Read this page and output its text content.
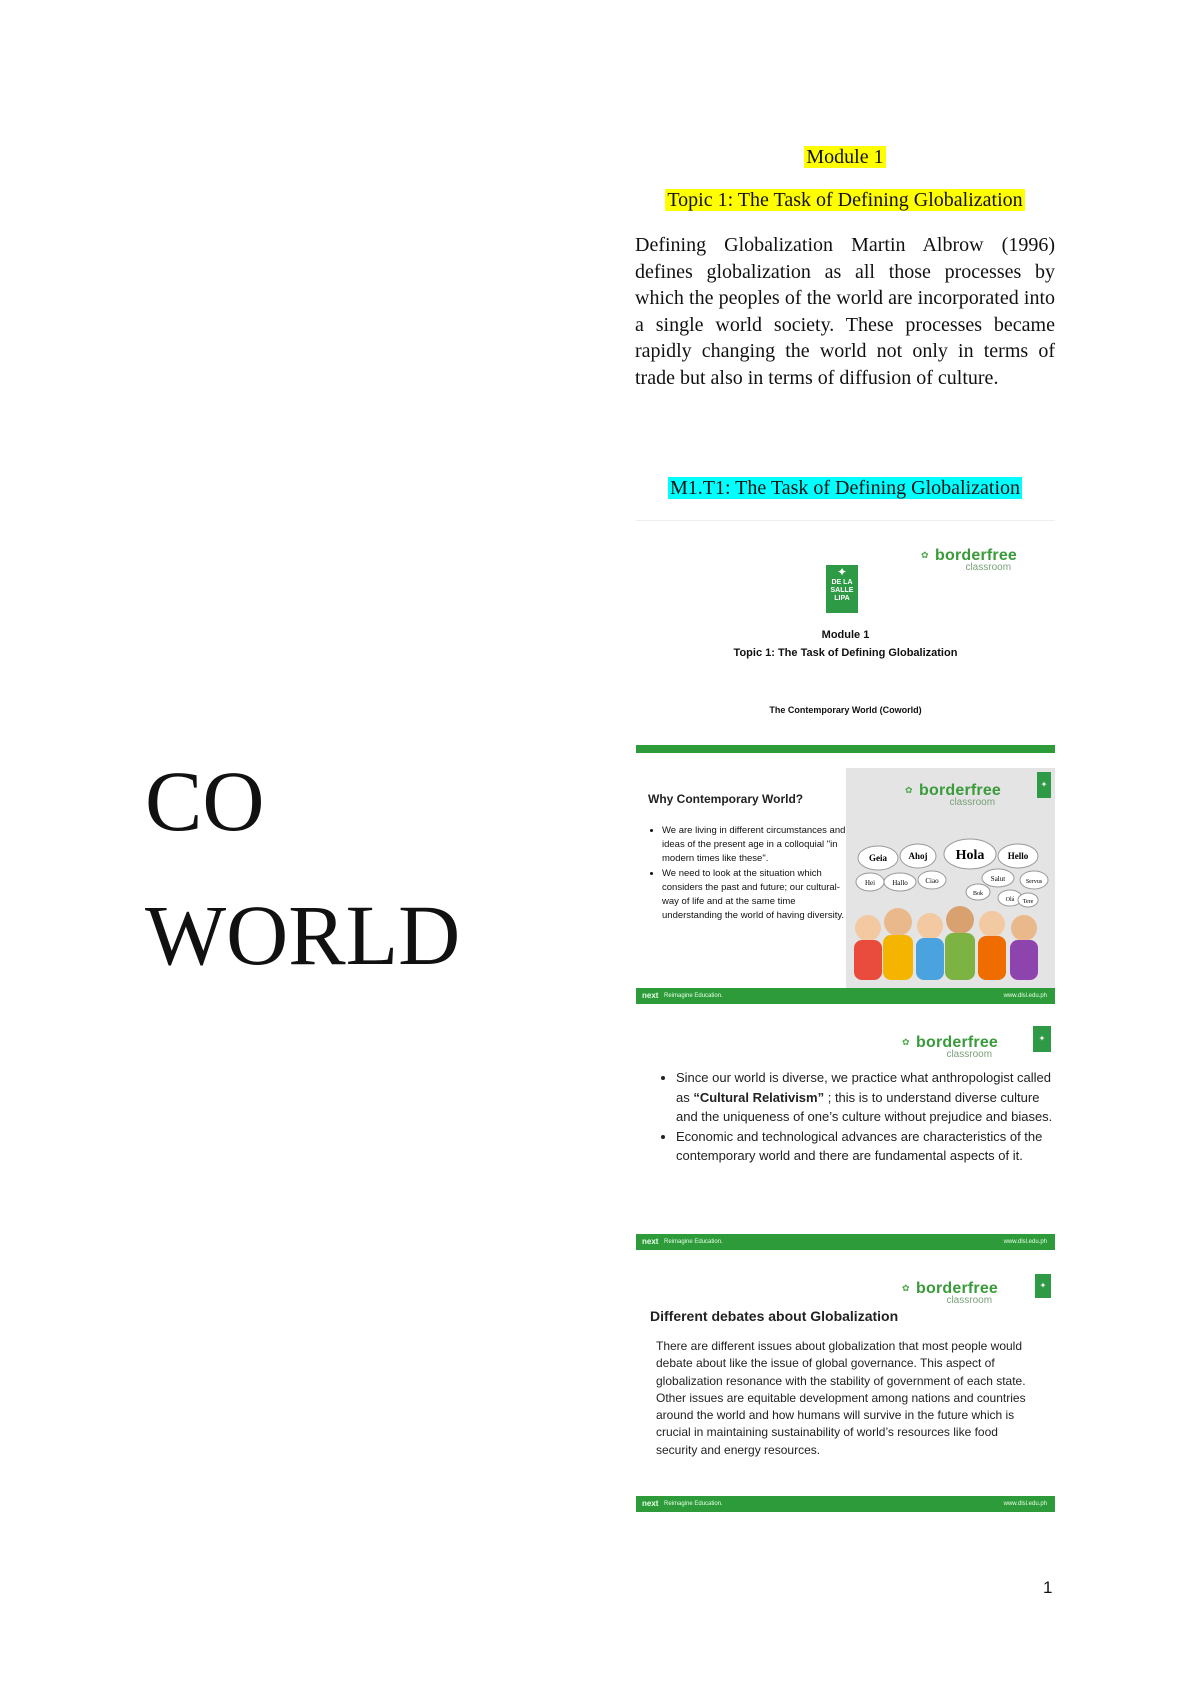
CO
WORLD
Module 1
Topic 1: The Task of Defining Globalization
Defining Globalization Martin Albrow (1996) defines globalization as all those processes by which the peoples of the world are incorporated into a single world society. These processes became rapidly changing the world not only in terms of trade but also in terms of diffusion of culture.
M1.T1: The Task of Defining Globalization
✿ borderfree
classroom
✦
DE LA SALLE LIPA
Module 1
Topic 1: The Task of Defining Globalization
The Contemporary World (Coworld)
✿ borderfree
classroom
✦
Why Contemporary World?
• We are living in different circumstances and ideas of the present age in a colloquial "in modern times like these".
• We need to look at the situation which considers the past and future; our cultural-way of life and at the same time understanding the world of having diversity.
Geia Ahoj Hola	Hello
Hallo	Ciao	Salut	Servus
Hei
Bok
Olá Tere
next Reimagine Education.	www.dlsl.edu.ph
✿ borderfree
classroom
✦
• Since our world is diverse, we practice what anthropologist called as “Cultural Relativism” ; this is to understand diverse culture and the uniqueness of one’s culture without prejudice and biases.
• Economic and technological advances are characteristics of the contemporary world and there are fundamental aspects of it.
next Reimagine Education.	www.dlsl.edu.ph
✿ borderfree
classroom
✦
Different debates about Globalization
There are different issues about globalization that most people would debate about like the issue of global governance. This aspect of globalization resonance with the stability of government of each state. Other issues are equitable development among nations and countries around the world and how humans will survive in the future which is crucial in maintaining sustainability of world’s resources like food security and energy resources.
next Reimagine Education.	www.dlsl.edu.ph
1
